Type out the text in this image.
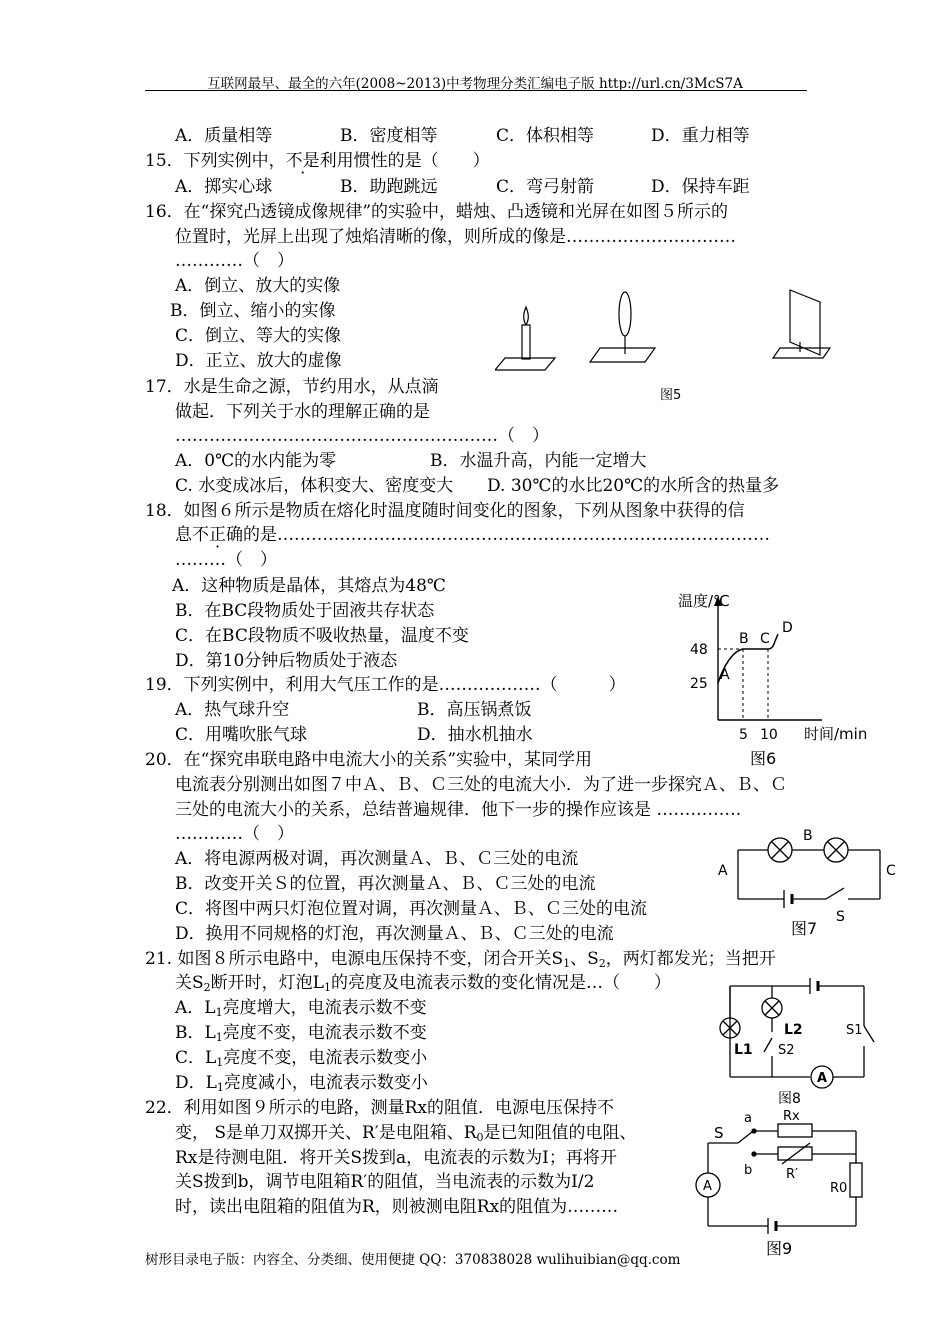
互联网最早、最全的六年(2008~2013)中考物理分类汇编电子版 http://url.cn/3McS7A
A．质量相等	B．密度相等	C．体积相等	D．重力相等
15．下列实例中，不是利用惯性的是（　　）
A．掷实心球	B．助跑跳远	C．弯弓射箭	D．保持车距
16．在“探究凸透镜成像规律”的实验中，蜡烛、凸透镜和光屏在如图５所示的
位置时，光屏上出现了烛焰清晰的像，则所成的像是…………………………
…………（　）
A．倒立、放大的实像
B．倒立、缩小的实像
C．倒立、等大的实像
D．正立、放大的虚像
图5
17．水是生命之源，节约用水，从点滴
做起．下列关于水的理解正确的是
…………………………………………………（　）
A．0℃的水内能为零	B．水温升高，内能一定增大
C. 水变成冰后，体积变大、密度变大 D. 30℃的水比20℃的水所含的热量多
18．如图６所示是物质在熔化时温度随时间变化的图象，下列从图象中获得的信
息不正确的是……………………………………………………………………………
………（　）
A．这种物质是晶体，其熔点为48℃
B．在BC段物质处于固液共存状态
C．在BC段物质不吸收热量，温度不变
D．第10分钟后物质处于液态
温度/℃
时间/min
48
25
5 10
A
B C
D
图6
19．下列实例中，利用大气压工作的是………………（　　　）
A．热气球升空	B．高压锅煮饭
C．用嘴吹胀气球	D．抽水机抽水
20．在“探究串联电路中电流大小的关系”实验中，某同学用
电流表分别测出如图７中Ａ、Ｂ、Ｃ三处的电流大小．为了进一步探究Ａ、Ｂ、Ｃ
三处的电流大小的关系，总结普遍规律．他下一步的操作应该是 ……………
…………（　）
A．将电源两极对调，再次测量Ａ、Ｂ、Ｃ三处的电流
B．改变开关Ｓ的位置，再次测量Ａ、Ｂ、Ｃ三处的电流
C．将图中两只灯泡位置对调，再次测量Ａ、Ｂ、Ｃ三处的电流
D．换用不同规格的灯泡，再次测量Ａ、Ｂ、Ｃ三处的电流
A
B
C
S
图7
21. 如图８所示电路中，电源电压保持不变，闭合开关$S_1$、$S_2$，两灯都发光；当把开
关$S_2$断开时，灯泡$L_1$的亮度及电流表示数的变化情况是…（　　）
A．$L_1$亮度增大，电流表示数不变
B．$L_1$亮度不变，电流表示数不变
C．$L_1$亮度不变，电流表示数变小
D．$L_1$亮度减小，电流表示数变小
L1
L2	S1
S2
A
图8
22．利用如图９所示的电路，测量Rx的阻值．电源电压保持不
变， S是单刀双掷开关、R′是电阻箱、$R_0$是已知阻值的电阻、
Rx是待测电阻．将开关S拨到a，电流表的示数为I；再将开
关S拨到b，调节电阻箱R′的阻值，当电流表的示数为I/2
时，读出电阻箱的阻值为R，则被测电阻Rx的阻值为………
S
a
b
Rx
R′
R0
A
图9
树形目录电子版：内容全、分类细、使用便捷 QQ：370838028 wulihuibian@qq.com
